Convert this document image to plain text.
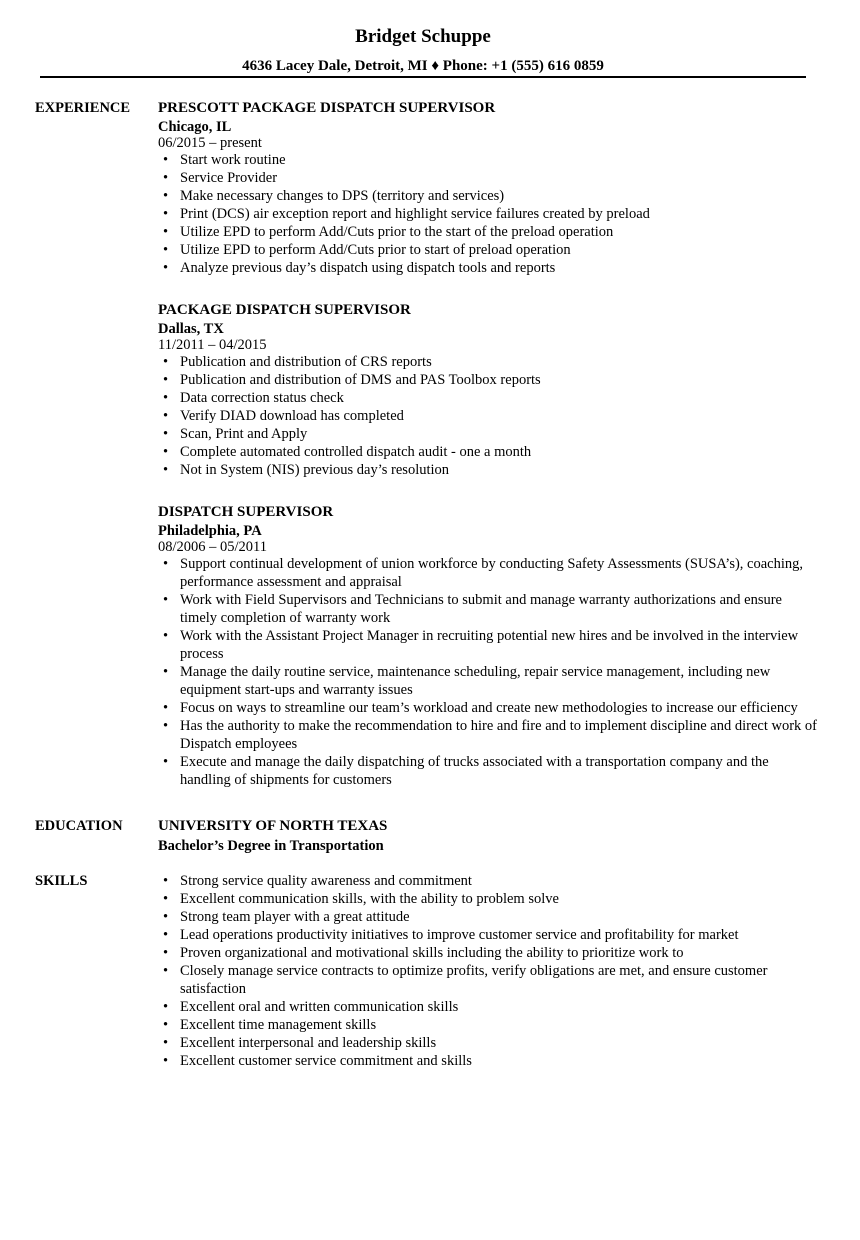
Bridget Schuppe
4636 Lacey Dale, Detroit, MI ♦ Phone: +1 (555) 616 0859
EXPERIENCE PRESCOTT PACKAGE DISPATCH SUPERVISOR
Chicago, IL
06/2015 – present
• Start work routine
• Service Provider
• Make necessary changes to DPS (territory and services)
• Print (DCS) air exception report and highlight service failures created by preload
• Utilize EPD to perform Add/Cuts prior to the start of the preload operation
• Utilize EPD to perform Add/Cuts prior to start of preload operation
• Analyze previous day’s dispatch using dispatch tools and reports
PACKAGE DISPATCH SUPERVISOR
Dallas, TX
11/2011 – 04/2015
• Publication and distribution of CRS reports
• Publication and distribution of DMS and PAS Toolbox reports
• Data correction status check
• Verify DIAD download has completed
• Scan, Print and Apply
• Complete automated controlled dispatch audit - one a month
• Not in System (NIS) previous day’s resolution
DISPATCH SUPERVISOR
Philadelphia, PA
08/2006 – 05/2011
• Support continual development of union workforce by conducting Safety Assessments (SUSA’s), coaching, performance assessment and appraisal
• Work with Field Supervisors and Technicians to submit and manage warranty authorizations and ensure timely completion of warranty work
• Work with the Assistant Project Manager in recruiting potential new hires and be involved in the interview process
• Manage the daily routine service, maintenance scheduling, repair service management, including new equipment start-ups and warranty issues
• Focus on ways to streamline our team’s workload and create new methodologies to increase our efficiency
• Has the authority to make the recommendation to hire and fire and to implement discipline and direct work of Dispatch employees
• Execute and manage the daily dispatching of trucks associated with a transportation company and the handling of shipments for customers
EDUCATION UNIVERSITY OF NORTH TEXAS
Bachelor’s Degree in Transportation
SKILLS
•	Strong service quality awareness and commitment
• Excellent communication skills, with the ability to problem solve
• Strong team player with a great attitude
• Lead operations productivity initiatives to improve customer service and profitability for market
• Proven organizational and motivational skills including the ability to prioritize work to
• Closely manage service contracts to optimize profits, verify obligations are met, and ensure customer satisfaction
• Excellent oral and written communication skills
• Excellent time management skills
• Excellent interpersonal and leadership skills
• Excellent customer service commitment and skills
